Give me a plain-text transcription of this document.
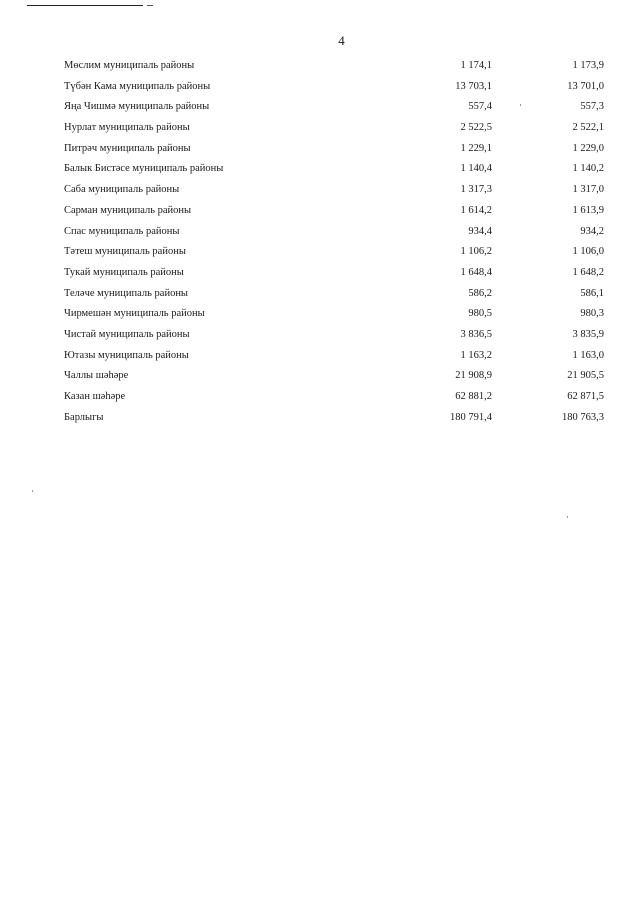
4
Мөслим муниципаль районы	1 174,1	1 173,9
Түбән Кама муниципаль районы	13 703,1	13 701,0
Яңа Чишмә муниципаль районы	557,4	557,3
Нурлат муниципаль районы	2 522,5	2 522,1
Питрәч муниципаль районы	1 229,1	1 229,0
Балык Бистәсе муниципаль районы	1 140,4	1 140,2
Саба муниципаль районы	1 317,3	1 317,0
Сарман муниципаль районы	1 614,2	1 613,9
Спас муниципаль районы	934,4	934,2
Тәтеш муниципаль районы	1 106,2	1 106,0
Тукай муниципаль районы	1 648,4	1 648,2
Теләче муниципаль районы	586,2	586,1
Чирмешән муниципаль районы	980,5	980,3
Чистай муниципаль районы	3 836,5	3 835,9
Ютазы муниципаль районы	1 163,2	1 163,0
Чаллы шәһәре	21 908,9	21 905,5
Казан шәһәре	62 881,2	62 871,5
Барлыгы	180 791,4	180 763,3
